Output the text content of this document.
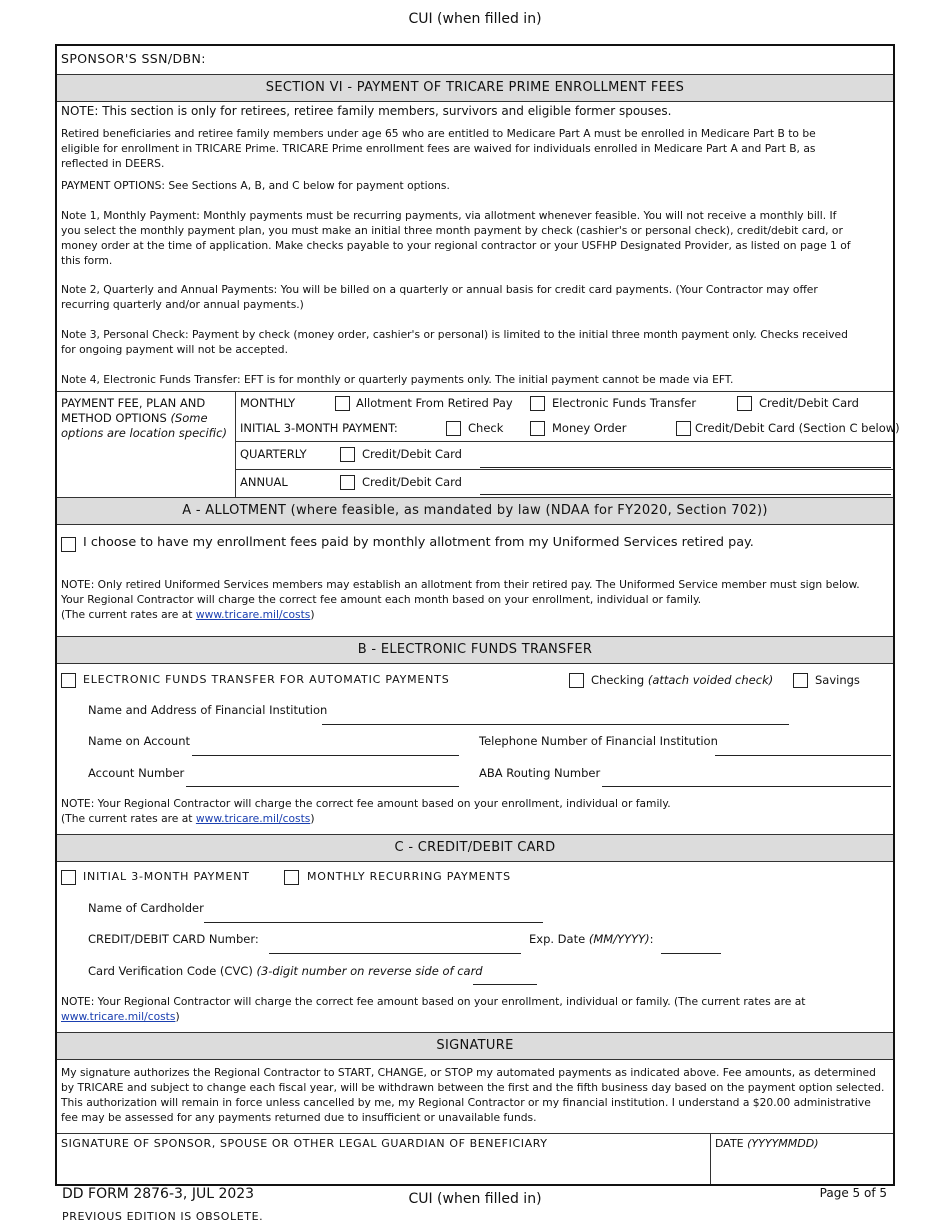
CUI (when filled in)
SPONSOR'S SSN/DBN:
SECTION VI - PAYMENT OF TRICARE PRIME ENROLLMENT FEES
NOTE: This section is only for retirees, retiree family members, survivors and eligible former spouses.
Retired beneficiaries and retiree family members under age 65 who are entitled to Medicare Part A must be enrolled in Medicare Part B to be eligible for enrollment in TRICARE Prime. TRICARE Prime enrollment fees are waived for individuals enrolled in Medicare Part A and Part B, as reflected in DEERS.
PAYMENT OPTIONS: See Sections A, B, and C below for payment options.
Note 1, Monthly Payment: Monthly payments must be recurring payments, via allotment whenever feasible. You will not receive a monthly bill. If you select the monthly payment plan, you must make an initial three month payment by check (cashier's or personal check), credit/debit card, or money order at the time of application. Make checks payable to your regional contractor or your USFHP Designated Provider, as listed on page 1 of this form.
Note 2, Quarterly and Annual Payments: You will be billed on a quarterly or annual basis for credit card payments. (Your Contractor may offer recurring quarterly and/or annual payments.)
Note 3, Personal Check: Payment by check (money order, cashier's or personal) is limited to the initial three month payment only. Checks received for ongoing payment will not be accepted.
Note 4, Electronic Funds Transfer: EFT is for monthly or quarterly payments only. The initial payment cannot be made via EFT.
PAYMENT FEE, PLAN AND METHOD OPTIONS (Some options are location specific)
MONTHLY	Allotment From Retired Pay	Electronic Funds Transfer	Credit/Debit Card
INITIAL 3-MONTH PAYMENT:	Check	Money Order	Credit/Debit Card (Section C below)
QUARTERLY	Credit/Debit Card
ANNUAL	Credit/Debit Card
A - ALLOTMENT (where feasible, as mandated by law (NDAA for FY2020, Section 702))
I choose to have my enrollment fees paid by monthly allotment from my Uniformed Services retired pay.
NOTE: Only retired Uniformed Services members may establish an allotment from their retired pay. The Uniformed Service member must sign below. Your Regional Contractor will charge the correct fee amount each month based on your enrollment, individual or family.
(The current rates are at www.tricare.mil/costs)
B - ELECTRONIC FUNDS TRANSFER
ELECTRONIC FUNDS TRANSFER FOR AUTOMATIC PAYMENTS	Checking (attach voided check)	Savings
Name and Address of Financial Institution
Name on Account	Telephone Number of Financial Institution
Account Number	ABA Routing Number
NOTE: Your Regional Contractor will charge the correct fee amount based on your enrollment, individual or family.
(The current rates are at www.tricare.mil/costs)
C - CREDIT/DEBIT CARD
INITIAL 3-MONTH PAYMENT	MONTHLY RECURRING PAYMENTS
Name of Cardholder
CREDIT/DEBIT CARD Number:	Exp. Date (MM/YYYY):
Card Verification Code (CVC) (3-digit number on reverse side of card
NOTE: Your Regional Contractor will charge the correct fee amount based on your enrollment, individual or family. (The current rates are at
www.tricare.mil/costs)
SIGNATURE
My signature authorizes the Regional Contractor to START, CHANGE, or STOP my automated payments as indicated above. Fee amounts, as determined by TRICARE and subject to change each fiscal year, will be withdrawn between the first and the fifth business day based on the payment option selected. This authorization will remain in force unless cancelled by me, my Regional Contractor or my financial institution. I understand a $20.00 administrative fee may be assessed for any payments returned due to insufficient or unavailable funds.
SIGNATURE OF SPONSOR, SPOUSE OR OTHER LEGAL GUARDIAN OF BENEFICIARY	DATE (YYYYMMDD)
DD FORM 2876-3, JUL 2023	CUI (when filled in)
PREVIOUS EDITION IS OBSOLETE.
Page 5 of 5
